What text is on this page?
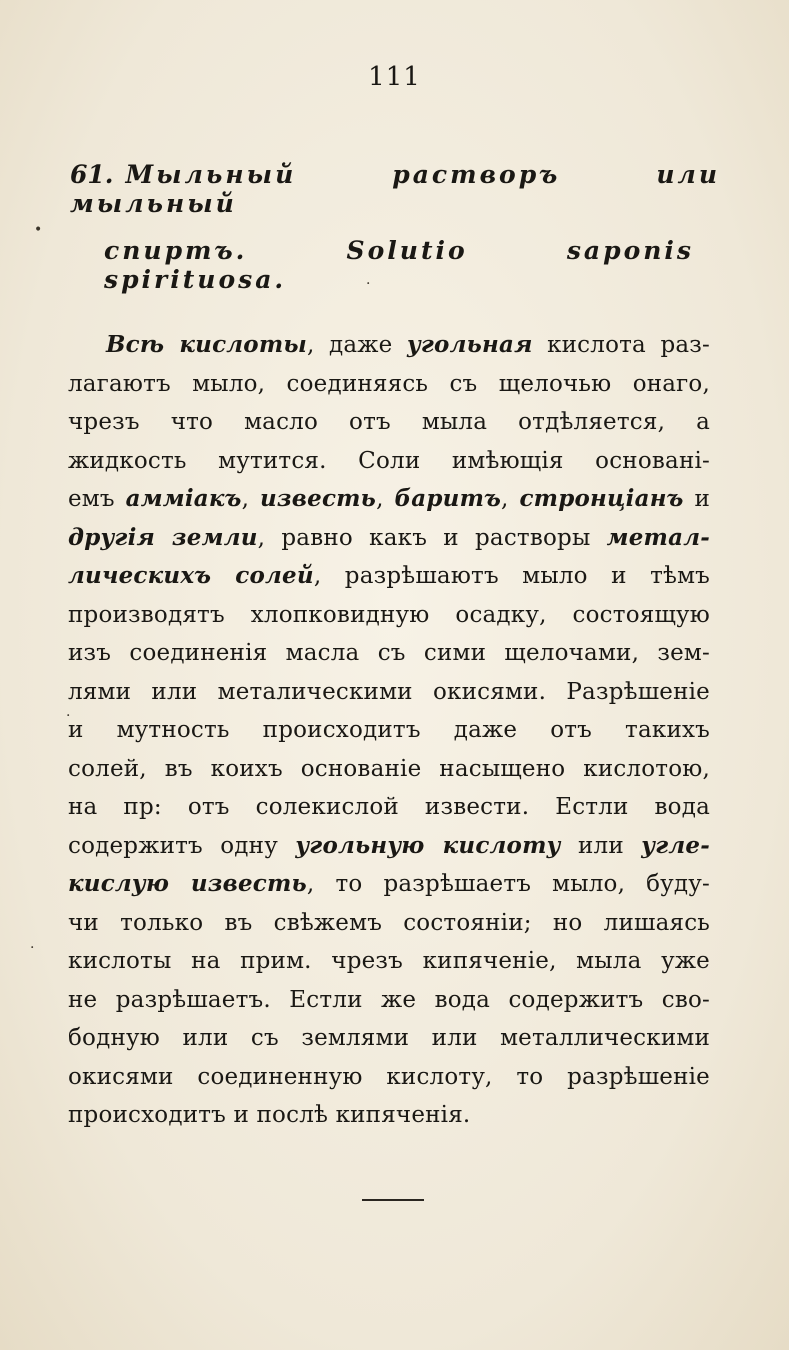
111
61. Мыльный растворъ или мыльный
спиртъ. Solutio saponis spirituosa.
Всѣ кислоты, даже угольная кислота раз-
лагаютъ мыло, соединяясь съ щелочью онаго,
чрезъ что масло отъ мыла отдѣляется, а
жидкость мутится. Соли имѣющія основані-
емъ аммiакъ, известь, баритъ, стронціанъ и
другія земли, равно какъ и растворы метал-
лическихъ солей, разрѣшаютъ мыло и тѣмъ
производятъ хлопковидную осадку, состоящую
изъ соединенія масла съ сими щелочами, зем-
лями или металическими окисями. Разрѣшеніе
и мутность происходитъ даже отъ такихъ
солей, въ коихъ основаніе насыщено кислотою,
на пр: отъ солекислой извести. Естли вода
содержитъ одну угольную кислоту или угле-
кислую известь, то разрѣшаетъ мыло, буду-
чи только въ свѣжемъ состояніи; но лишаясь
кислоты на прим. чрезъ кипяченіе, мыла уже
не разрѣшаетъ. Естли же вода содержитъ сво-
бодную или съ землями или металлическими
окисями соединенную кислоту, то разрѣшеніе
происходитъ и послѣ кипяченія.
•
·
·
·
